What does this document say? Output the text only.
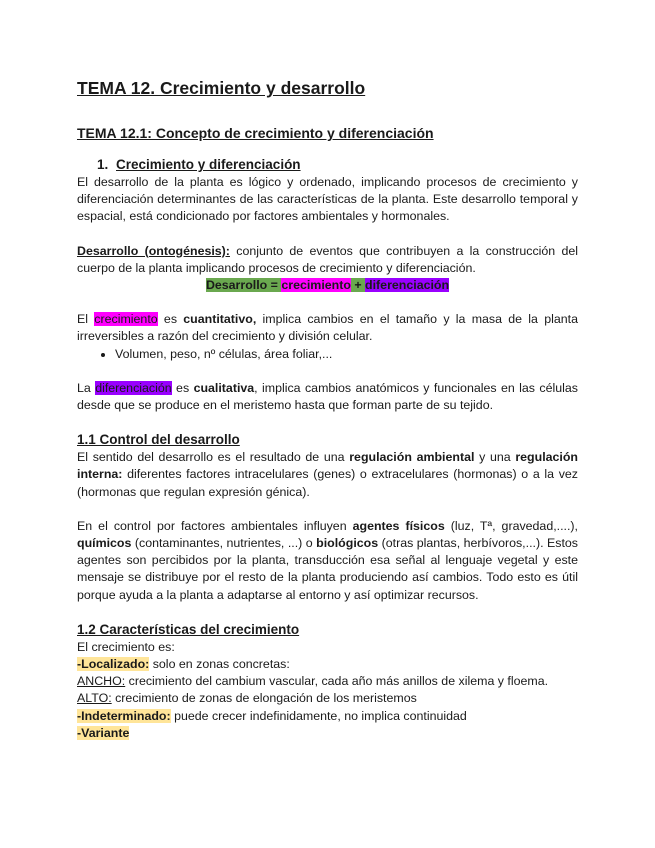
TEMA 12. Crecimiento y desarrollo
TEMA 12.1: Concepto de crecimiento y diferenciación
1. Crecimiento y diferenciación

El desarrollo de la planta es lógico y ordenado, implicando procesos de crecimiento y diferenciación determinantes de las características de la planta. Este desarrollo temporal y espacial, está condicionado por factores ambientales y hormonales.

Desarrollo (ontogénesis): conjunto de eventos que contribuyen a la construcción del cuerpo de la planta implicando procesos de crecimiento y diferenciación.

Desarrollo = crecimiento + diferenciación

El crecimiento es cuantitativo, implica cambios en el tamaño y la masa de la planta irreversibles a razón del crecimiento y división celular.

• Volumen, peso, nº células, área foliar,...

La diferenciación es cualitativa, implica cambios anatómicos y funcionales en las células desde que se produce en el meristemo hasta que forman parte de su tejido.

1.1 Control del desarrollo

El sentido del desarrollo es el resultado de una regulación ambiental y una regulación interna: diferentes factores intracelulares (genes) o extracelulares (hormonas) o a la vez (hormonas que regulan expresión génica).

En el control por factores ambientales influyen agentes físicos (luz, Tª, gravedad,....), químicos (contaminantes, nutrientes, ...) o biológicos (otras plantas, herbívoros,...). Estos agentes son percibidos por la planta, transducción esa señal al lenguaje vegetal y este mensaje se distribuye por el resto de la planta produciendo así cambios. Todo esto es útil porque ayuda a la planta a adaptarse al entorno y así optimizar recursos.

1.2 Características del crecimiento

El crecimiento es:

-Localizado: solo en zonas concretas:

ANCHO: crecimiento del cambium vascular, cada año más anillos de xilema y floema.

ALTO: crecimiento de zonas de elongación de los meristemos

-Indeterminado: puede crecer indefinidamente, no implica continuidad

-Variante
